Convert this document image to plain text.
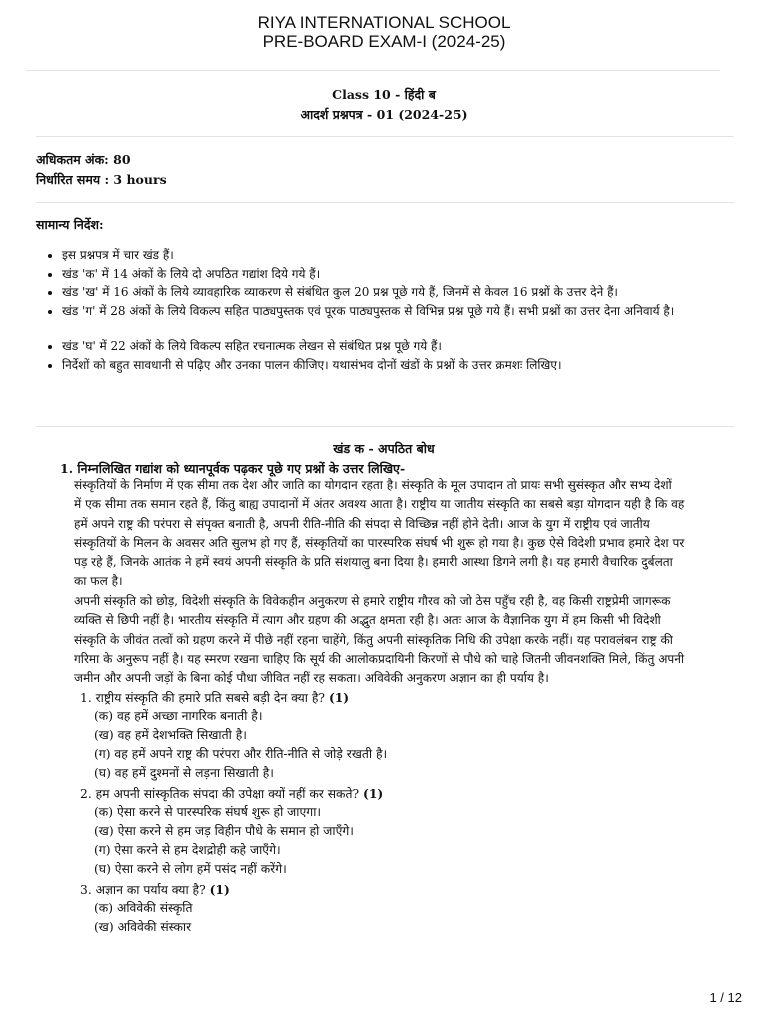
RIYA INTERNATIONAL SCHOOL
PRE-BOARD EXAM-I (2024-25)
Class 10 - हिंदी ब
आदर्श प्रश्नपत्र - 01 (2024-25)
अधिकतम अंक: 80
निर्धारित समय : 3 hours
सामान्य निर्देश:
• इस प्रश्नपत्र में चार खंड हैं।
• खंड 'क' में 14 अंकों के लिये दो अपठित गद्यांश दिये गये हैं।
• खंड 'ख' में 16 अंकों के लिये व्यावहारिक व्याकरण से संबंधित कुल 20 प्रश्न पूछे गये हैं, जिनमें से केवल 16 प्रश्नों के उत्तर देने हैं।
• खंड 'ग' में 28 अंकों के लिये विकल्प सहित पाठ्यपुस्तक एवं पूरक पाठ्यपुस्तक से विभिन्न प्रश्न पूछे गये हैं। सभी प्रश्नों का उत्तर देना अनिवार्य है।
• खंड 'घ' में 22 अंकों के लिये विकल्प सहित रचनात्मक लेखन से संबंधित प्रश्न पूछे गये हैं।
• निर्देशों को बहुत सावधानी से पढ़िए और उनका पालन कीजिए। यथासंभव दोनों खंडों के प्रश्नों के उत्तर क्रमशः लिखिए।
खंड क - अपठित बोध
1. निम्नलिखित गद्यांश को ध्यानपूर्वक पढ़कर पूछे गए प्रश्नों के उत्तर लिखिए-
संस्कृतियों के निर्माण में एक सीमा तक देश और जाति का योगदान रहता है। संस्कृति के मूल उपादान तो प्रायः सभी सुसंस्कृत और सभ्य देशों
में एक सीमा तक समान रहते हैं, किंतु बाह्य उपादानों में अंतर अवश्य आता है। राष्ट्रीय या जातीय संस्कृति का सबसे बड़ा योगदान यही है कि वह
हमें अपने राष्ट्र की परंपरा से संपृक्त बनाती है, अपनी रीति-नीति की संपदा से विच्छिन्न नहीं होने देती। आज के युग में राष्ट्रीय एवं जातीय
संस्कृतियों के मिलन के अवसर अति सुलभ हो गए हैं, संस्कृतियों का पारस्परिक संघर्ष भी शुरू हो गया है। कुछ ऐसे विदेशी प्रभाव हमारे देश पर
पड़ रहे हैं, जिनके आतंक ने हमें स्वयं अपनी संस्कृति के प्रति संशयालु बना दिया है। हमारी आस्था डिगने लगी है। यह हमारी वैचारिक दुर्बलता
का फल है।
अपनी संस्कृति को छोड़, विदेशी संस्कृति के विवेकहीन अनुकरण से हमारे राष्ट्रीय गौरव को जो ठेस पहुँच रही है, वह किसी राष्ट्रप्रेमी जागरूक
व्यक्ति से छिपी नहीं है। भारतीय संस्कृति में त्याग और ग्रहण की अद्भुत क्षमता रही है। अतः आज के वैज्ञानिक युग में हम किसी भी विदेशी
संस्कृति के जीवंत तत्वों को ग्रहण करने में पीछे नहीं रहना चाहेंगे, किंतु अपनी सांस्कृतिक निधि की उपेक्षा करके नहीं। यह परावलंबन राष्ट्र की
गरिमा के अनुरूप नहीं है। यह स्मरण रखना चाहिए कि सूर्य की आलोकप्रदायिनी किरणों से पौधे को चाहे जितनी जीवनशक्ति मिले, किंतु अपनी
जमीन और अपनी जड़ों के बिना कोई पौधा जीवित नहीं रह सकता। अविवेकी अनुकरण अज्ञान का ही पर्याय है।
1. राष्ट्रीय संस्कृति की हमारे प्रति सबसे बड़ी देन क्या है? (1)
(क) वह हमें अच्छा नागरिक बनाती है।
(ख) वह हमें देशभक्ति सिखाती है।
(ग) वह हमें अपने राष्ट्र की परंपरा और रीति-नीति से जोड़े रखती है।
(घ) वह हमें दुश्मनों से लड़ना सिखाती है।
2. हम अपनी सांस्कृतिक संपदा की उपेक्षा क्यों नहीं कर सकते? (1)
(क) ऐसा करने से पारस्परिक संघर्ष शुरू हो जाएगा।
(ख) ऐसा करने से हम जड़ विहीन पौधे के समान हो जाएँगे।
(ग) ऐसा करने से हम देशद्रोही कहे जाएँगे।
(घ) ऐसा करने से लोग हमें पसंद नहीं करेंगे।
3. अज्ञान का पर्याय क्या है? (1)
(क) अविवेकी संस्कृति
(ख) अविवेकी संस्कार
1 / 12
